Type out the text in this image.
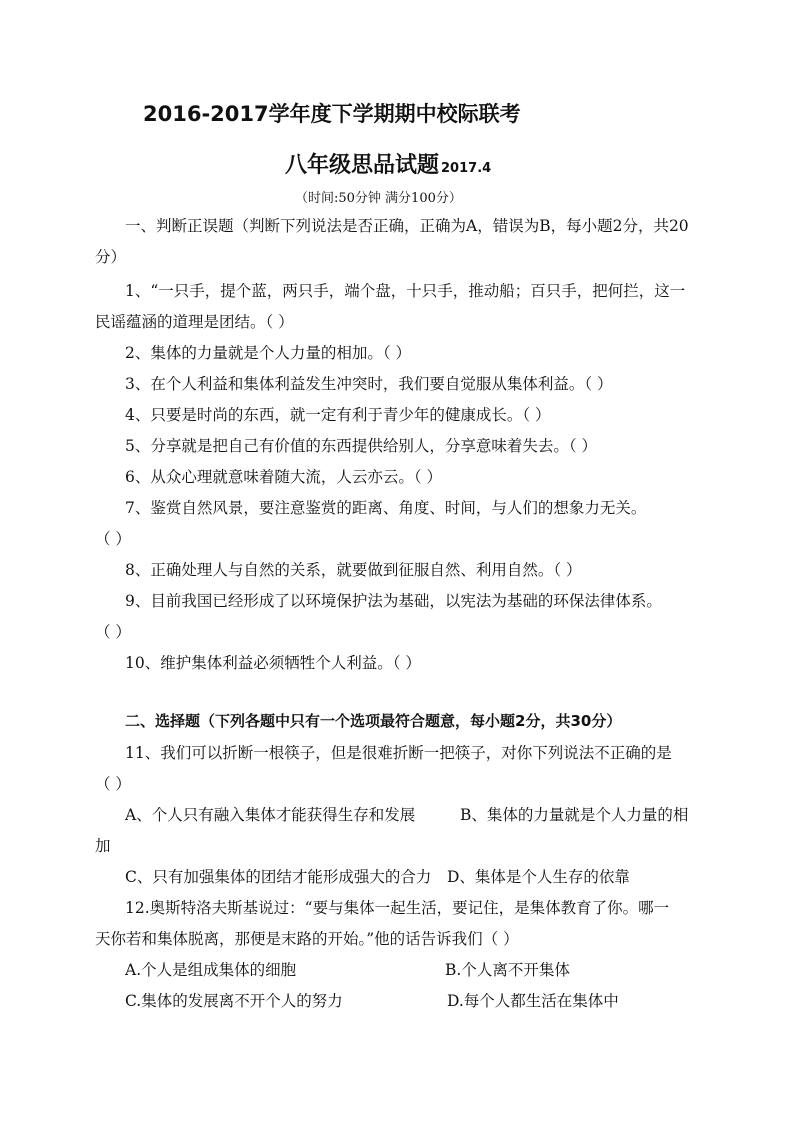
2016-2017学年度下学期期中校际联考
八年级思品试题 2017.4
（时间:50分钟 满分100分）
一、判断正误题（判断下列说法是否正确，正确为A，错误为B，每小题2分，共20
分）
1、“一只手，提个蓝，两只手，端个盘，十只手，推动船；百只手，把何拦，这一
民谣蕴涵的道理是团结。（ ）
2、集体的力量就是个人力量的相加。（ ）
3、在个人利益和集体利益发生冲突时，我们要自觉服从集体利益。（ ）
4、只要是时尚的东西，就一定有利于青少年的健康成长。（ ）
5、分享就是把自己有价值的东西提供给别人，分享意味着失去。（ ）
6、从众心理就意味着随大流，人云亦云。（ ）
7、鉴赏自然风景，要注意鉴赏的距离、角度、时间，与人们的想象力无关。
（ ）
8、正确处理人与自然的关系，就要做到征服自然、利用自然。（ ）
9、目前我国已经形成了以环境保护法为基础，以宪法为基础的环保法律体系。
（ ）
10、维护集体利益必须牺牲个人利益。（ ）
二、选择题（下列各题中只有一个选项最符合题意，每小题2分，共30分）
11、我们可以折断一根筷子，但是很难折断一把筷子，对你下列说法不正确的是
（ ）
A、个人只有融入集体才能获得生存和发展	B、集体的力量就是个人力量的相
加
C、只有加强集体的团结才能形成强大的合力	D、集体是个人生存的依靠
12.奥斯特洛夫斯基说过：“要与集体一起生活，要记住，是集体教育了你。哪一
天你若和集体脱离，那便是末路的开始。”他的话告诉我们（ ）
A.个人是组成集体的细胞	B.个人离不开集体
C.集体的发展离不开个人的努力	D.每个人都生活在集体中
